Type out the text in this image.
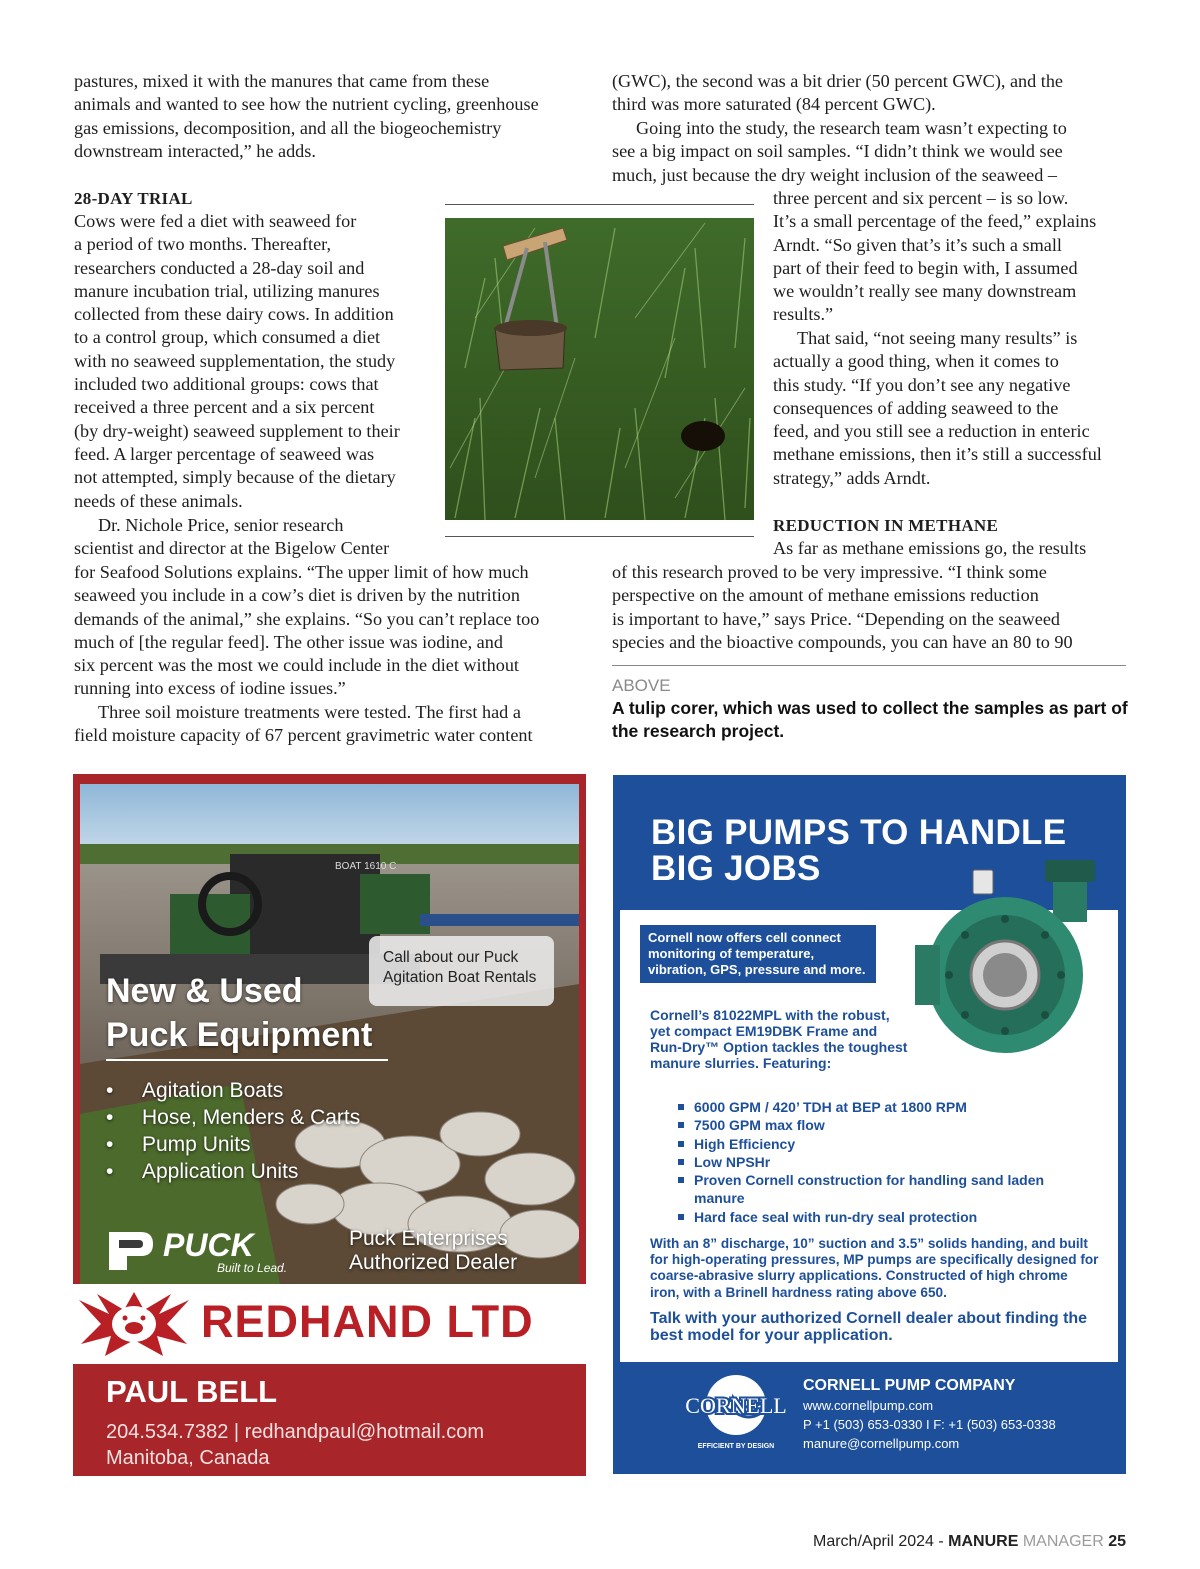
pastures, mixed it with the manures that came from these

animals and wanted to see how the nutrient cycling, greenhouse

gas emissions, decomposition, and all the biogeochemistry

downstream interacted,” he adds.

28-DAY TRIAL

Cows were fed a diet with seaweed for

a period of two months. Thereafter,

researchers conducted a 28-day soil and

manure incubation trial, utilizing manures

collected from these dairy cows. In addition

to a control group, which consumed a diet

with no seaweed supplementation, the study

included two additional groups: cows that

received a three percent and a six percent

(by dry-weight) seaweed supplement to their

feed. A larger percentage of seaweed was

not attempted, simply because of the dietary

needs of these animals.

Dr. Nichole Price, senior research

scientist and director at the Bigelow Center

for Seafood Solutions explains. “The upper limit of how much

seaweed you include in a cow’s diet is driven by the nutrition

demands of the animal,” she explains. “So you can’t replace too

much of [the regular feed]. The other issue was iodine, and

six percent was the most we could include in the diet without

running into excess of iodine issues.”

Three soil moisture treatments were tested. The first had a

field moisture capacity of 67 percent gravimetric water content

(GWC), the second was a bit drier (50 percent GWC), and the

third was more saturated (84 percent GWC).

Going into the study, the research team wasn’t expecting to

see a big impact on soil samples. “I didn’t think we would see

much, just because the dry weight inclusion of the seaweed –

three percent and six percent – is so low.

It’s a small percentage of the feed,” explains

Arndt. “So given that’s it’s such a small

part of their feed to begin with, I assumed

we wouldn’t really see many downstream

results.”

That said, “not seeing many results” is

actually a good thing, when it comes to

this study. “If you don’t see any negative

consequences of adding seaweed to the

feed, and you still see a reduction in enteric

methane emissions, then it’s still a successful

strategy,” adds Arndt.

REDUCTION IN METHANE

As far as methane emissions go, the results

of this research proved to be very impressive. “I think some

perspective on the amount of methane emissions reduction

is important to have,” says Price. “Depending on the seaweed

species and the bioactive compounds, you can have an 80 to 90

ABOVE
A tulip corer, which was used to collect the samples as part of the research project.
BOAT 1610 C
Call about our Puck Agitation Boat Rentals
New & Used
Puck Equipment
• Agitation Boats
• Hose, Menders & Carts
• Pump Units
• Application Units
PUCK
Built to Lead.
Puck Enterprises
Authorized Dealer
REDHAND LTD
PAUL BELL
204.534.7382 | redhandpaul@hotmail.com
Manitoba, Canada
BIG PUMPS TO HANDLE
BIG JOBS
Cornell now offers cell connect monitoring of temperature, vibration, GPS, pressure and more.
Cornell’s 81022MPL with the robust, yet compact EM19DBK Frame and Run-Dry™ Option tackles the toughest manure slurries. Featuring:
6000 GPM / 420’ TDH at BEP at 1800 RPM
7500 GPM max flow
High Efficiency
Low NPSHr
Proven Cornell construction for handling sand laden manure
Hard face seal with run-dry seal protection
With an 8” discharge, 10” suction and 3.5” solids handing, and built for high-operating pressures, MP pumps are specifically designed for coarse-abrasive slurry applications. Constructed of high chrome iron, with a Brinell hardness rating above 650.
Talk with your authorized Cornell dealer about finding the best model for your application.
CORNELL
EFFICIENT BY DESIGN
CORNELL PUMP COMPANY
www.cornellpump.com
P +1 (503) 653-0330 I F: +1 (503) 653-0338
manure@cornellpump.com
March/April 2024 - MANURE MANAGER 25
